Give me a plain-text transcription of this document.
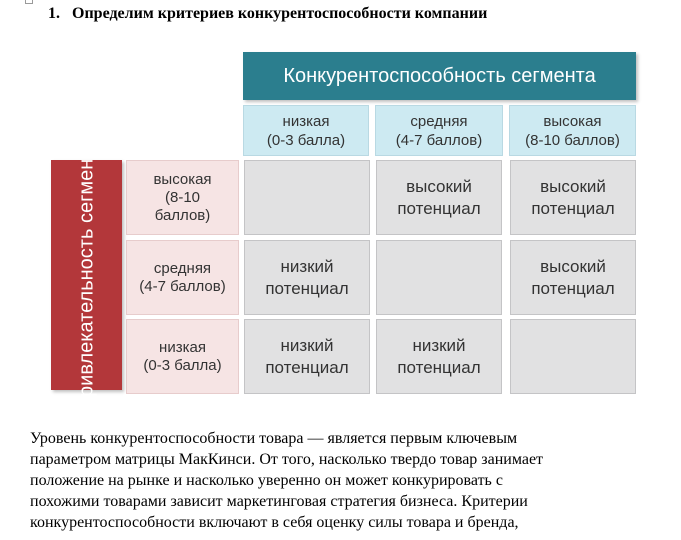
1. Определим критериев конкурентоспособности компании
Конкурентоспособность сегмента
низкая
(0-3 балла)
средняя
(4-7 баллов)
высокая
(8-10 баллов)
Привлекательность сегмента	высокая
(8-10
баллов)
средняя
(4-7 баллов)
низкая
(0-3 балла)
высокий
потенциал
высокий
потенциал
низкий
потенциал
высокий
потенциал
низкий
потенциал
низкий
потенциал
Уровень конкурентоспособности товара — является первым ключевым
параметром матрицы МакКинси. От того, насколько твердо товар занимает
положение на рынке и насколько уверенно он может конкурировать с
похожими товарами зависит маркетинговая стратегия бизнеса. Критерии
конкурентоспособности включают в себя оценку силы товара и бренда,
